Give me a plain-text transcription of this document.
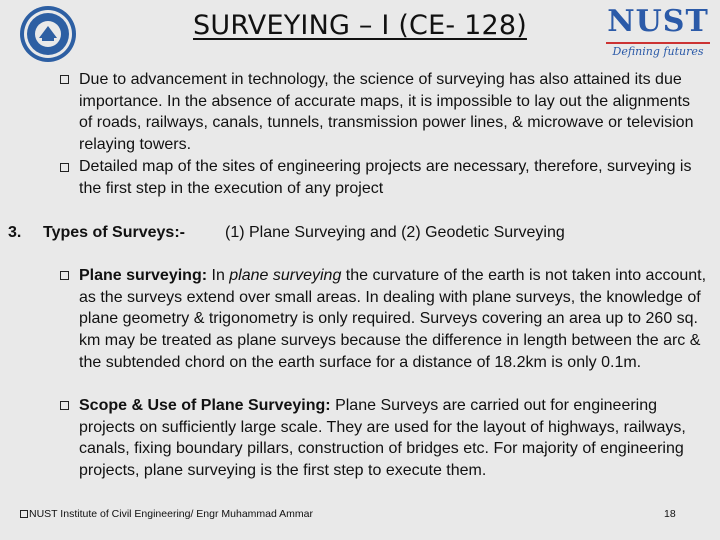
SURVEYING – I (CE- 128)	NUST
Defining futures
Due to advancement in technology, the science of surveying has also attained its due importance. In the absence of accurate maps, it is impossible to lay out the alignments of roads, railways, canals, tunnels, transmission power lines, & microwave or television relaying towers.
Detailed map of the sites of engineering projects are necessary, therefore, surveying is the first step in the execution of any project
3. Types of Surveys:-	(1) Plane Surveying and (2) Geodetic Surveying
Plane surveying: In plane surveying the curvature of the earth is not taken into account, as the surveys extend over small areas. In dealing with plane surveys, the knowledge of plane geometry & trigonometry is only required. Surveys covering an area up to 260 sq. km may be treated as plane surveys because the difference in length between the arc & the subtended chord on the earth surface for a distance of 18.2km is only 0.1m.
Scope & Use of Plane Surveying: Plane Surveys are carried out for engineering projects on sufficiently large scale. They are used for the layout of highways, railways, canals, fixing boundary pillars, construction of bridges etc. For majority of engineering projects, plane surveying is the first step to execute them.
NUST Institute of Civil Engineering/ Engr Muhammad Ammar	18
